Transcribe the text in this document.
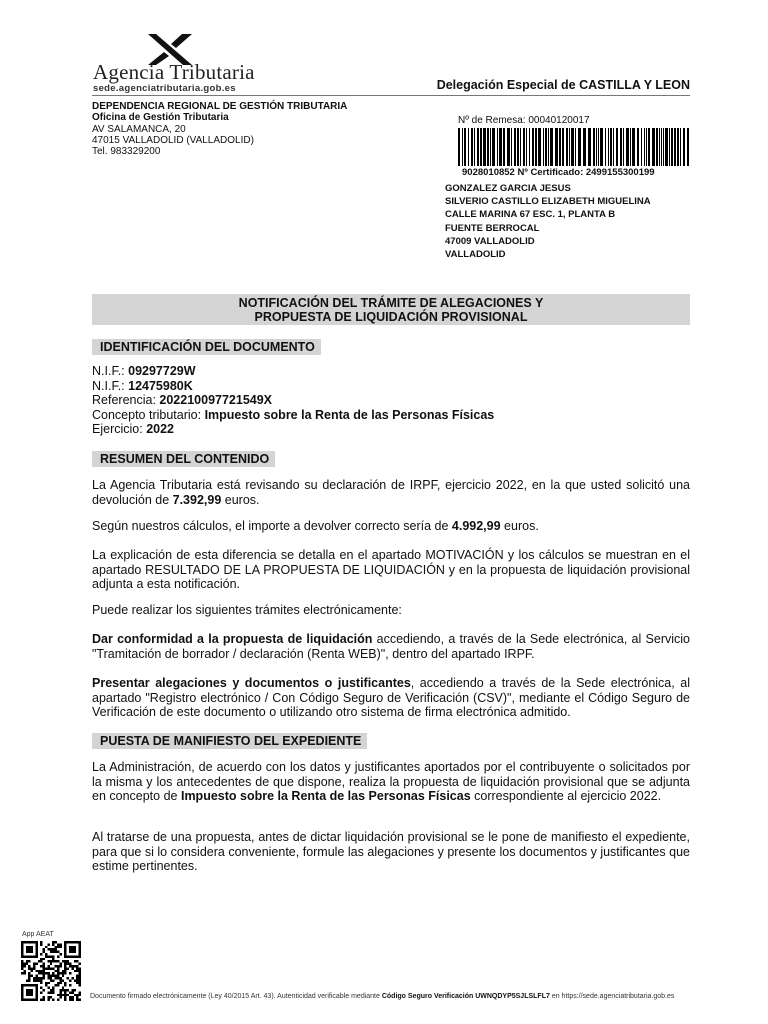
Agencia Tributaria
sede.agenciatributaria.gob.es	Delegación Especial de CASTILLA Y LEON
DEPENDENCIA REGIONAL DE GESTIÓN TRIBUTARIA
Oficina de Gestión Tributaria
AV SALAMANCA, 20
47015 VALLADOLID (VALLADOLID)
Tel. 983329200
Nº de Remesa: 00040120017
9028010852 Nº Certificado: 2499155300199
GONZALEZ GARCIA JESUS
SILVERIO CASTILLO ELIZABETH MIGUELINA
CALLE MARINA 67 ESC. 1, PLANTA B
FUENTE BERROCAL
47009 VALLADOLID
VALLADOLID
NOTIFICACIÓN DEL TRÁMITE DE ALEGACIONES Y
PROPUESTA DE LIQUIDACIÓN PROVISIONAL
IDENTIFICACIÓN DEL DOCUMENTO
N.I.F.: 09297729W
N.I.F.: 12475980K
Referencia: 202210097721549X
Concepto tributario: Impuesto sobre la Renta de las Personas Físicas
Ejercicio: 2022
RESUMEN DEL CONTENIDO

La Agencia Tributaria está revisando su declaración de IRPF, ejercicio 2022, en la que usted solicitó una devolución de 7.392,99 euros.

Según nuestros cálculos, el importe a devolver correcto sería de 4.992,99 euros.

La explicación de esta diferencia se detalla en el apartado MOTIVACIÓN y los cálculos se muestran en el apartado RESULTADO DE LA PROPUESTA DE LIQUIDACIÓN y en la propuesta de liquidación provisional adjunta a esta notificación.

Puede realizar los siguientes trámites electrónicamente:

Dar conformidad a la propuesta de liquidación accediendo, a través de la Sede electrónica, al Servicio "Tramitación de borrador / declaración (Renta WEB)", dentro del apartado IRPF.

Presentar alegaciones y documentos o justificantes, accediendo a través de la Sede electrónica, al apartado "Registro electrónico / Con Código Seguro de Verificación (CSV)", mediante el Código Seguro de Verificación de este documento o utilizando otro sistema de firma electrónica admitido.

PUESTA DE MANIFIESTO DEL EXPEDIENTE

La Administración, de acuerdo con los datos y justificantes aportados por el contribuyente o solicitados por la misma y los antecedentes de que dispone, realiza la propuesta de liquidación provisional que se adjunta en concepto de Impuesto sobre la Renta de las Personas Físicas correspondiente al ejercicio 2022.

Al tratarse de una propuesta, antes de dictar liquidación provisional se le pone de manifiesto el expediente, para que si lo considera conveniente, formule las alegaciones y presente los documentos y justificantes que estime pertinentes.

App AEAT
Documento firmado electrónicamente (Ley 40/2015 Art. 43). Autenticidad verificable mediante Código Seguro Verificación UWNQDYP5SJLSLFL7 en https://sede.agenciatributaria.gob.es
